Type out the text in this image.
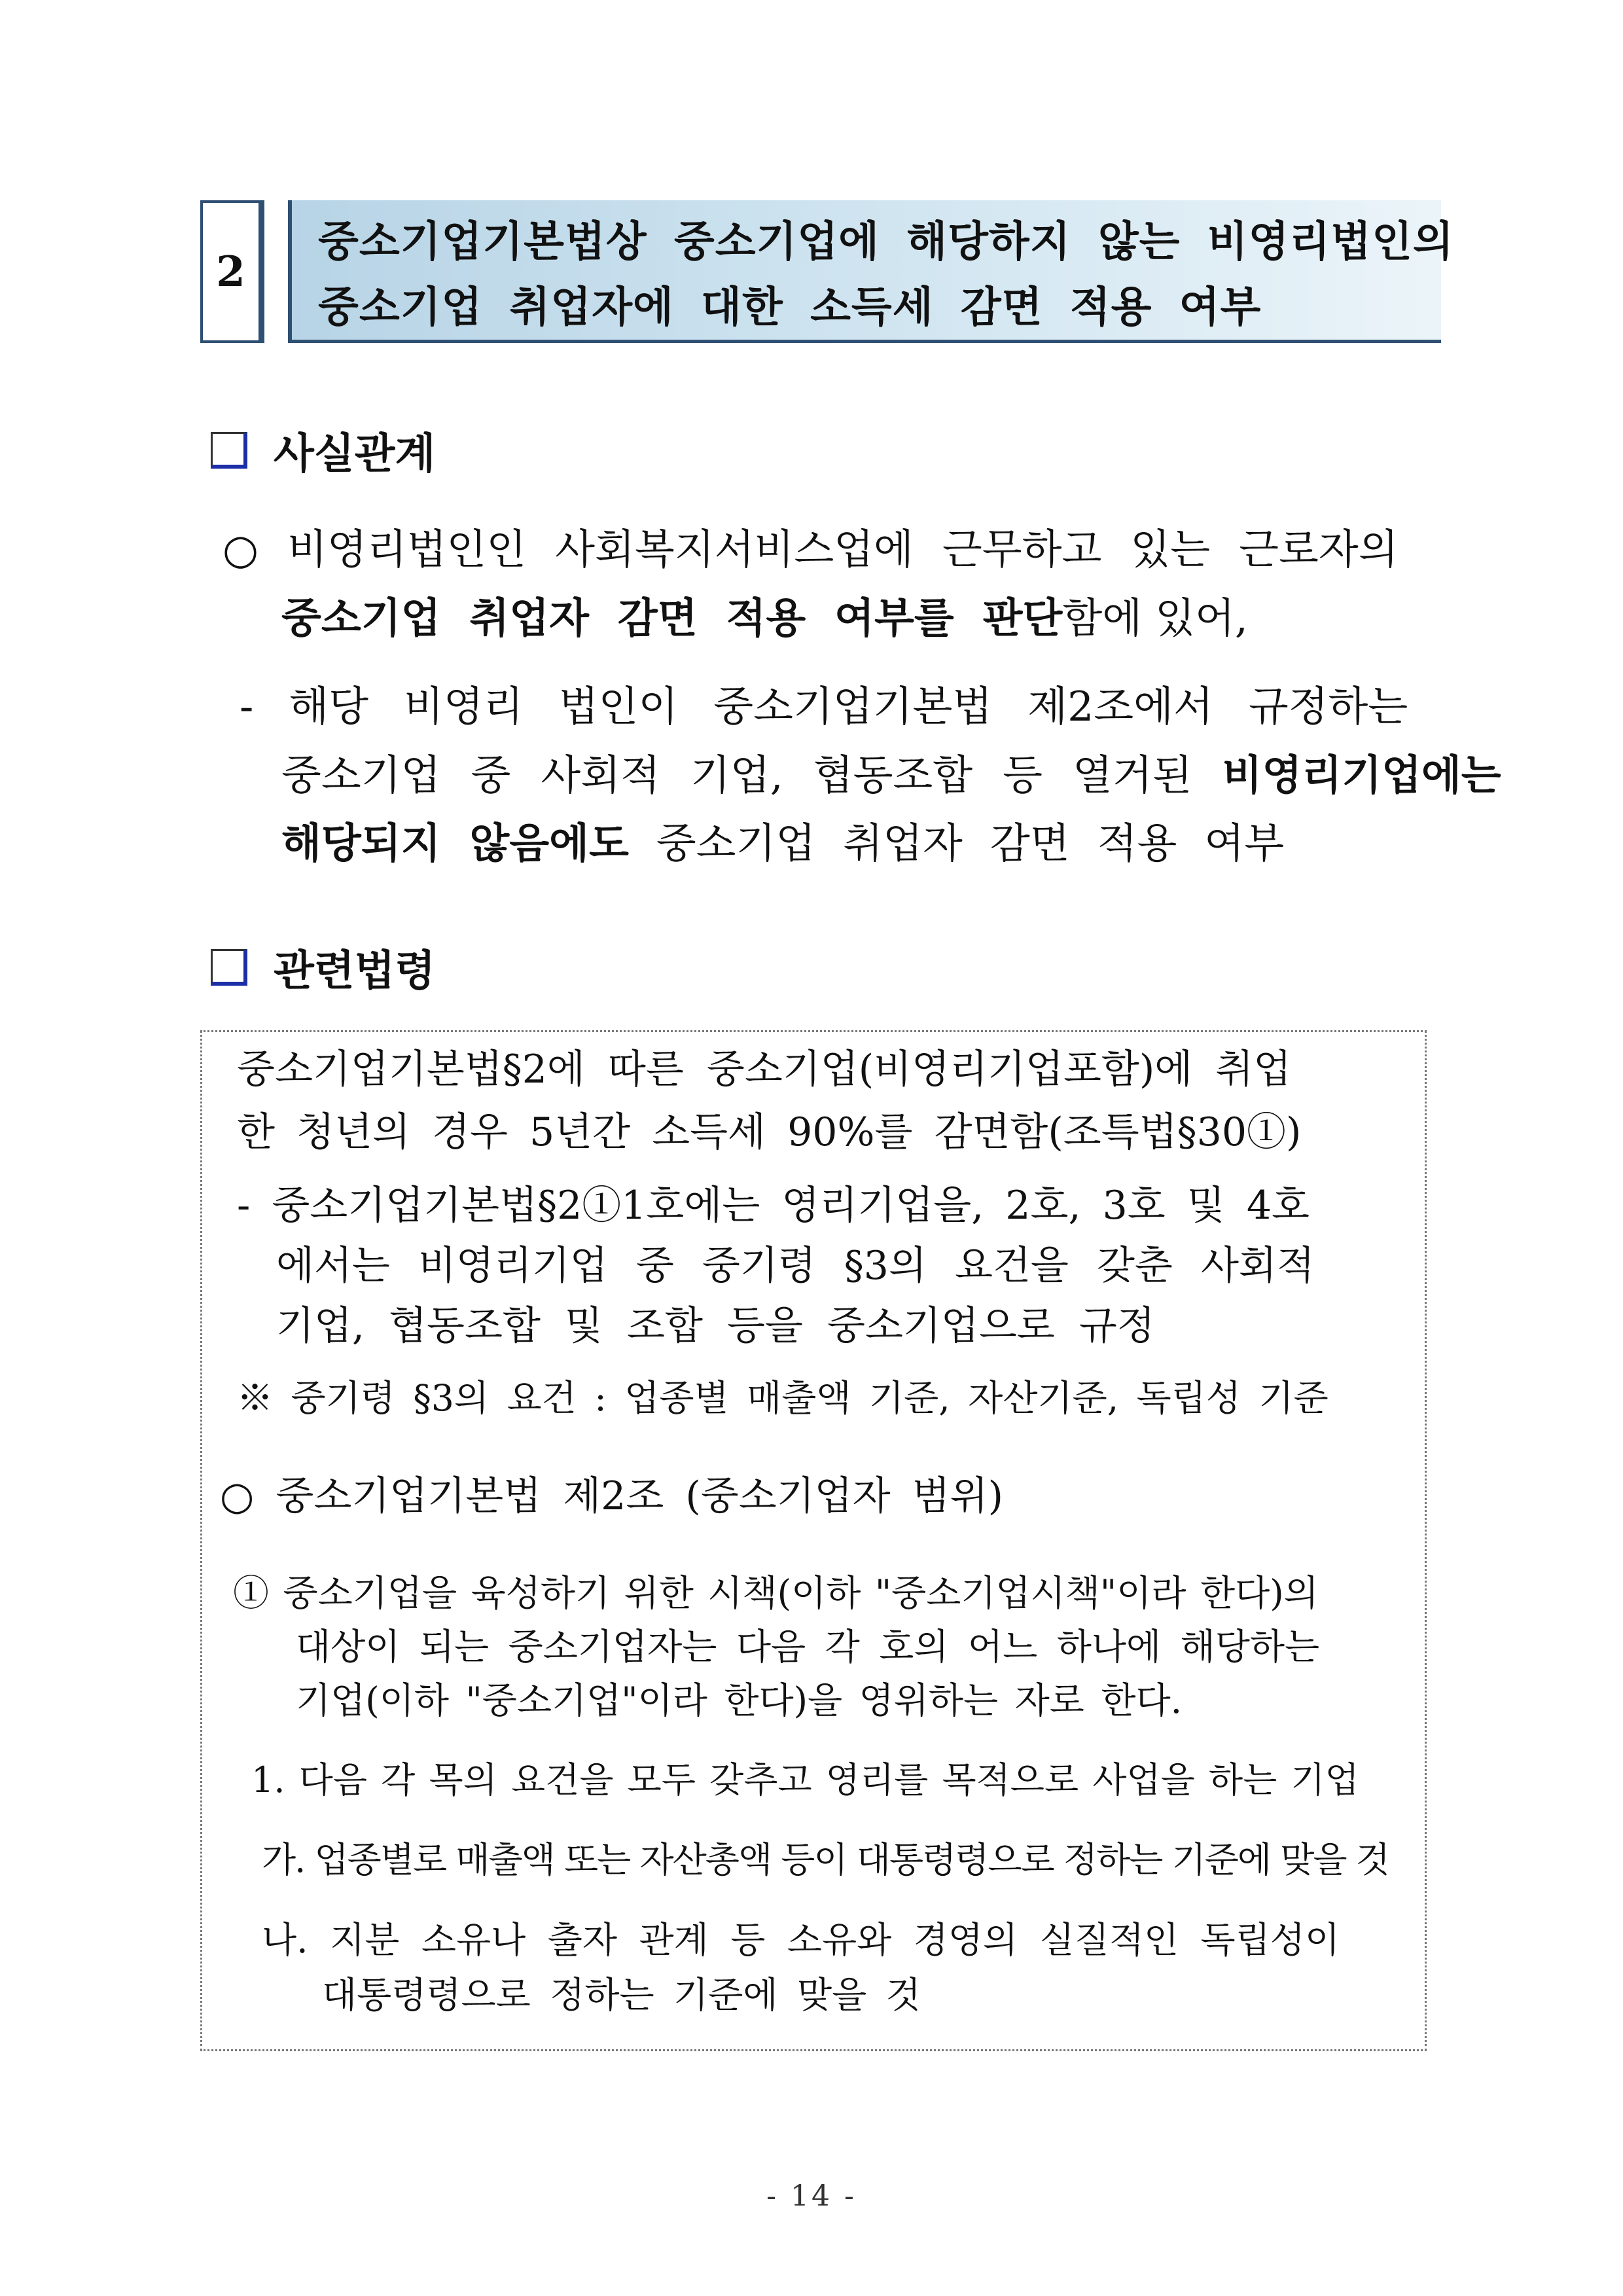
2
중소기업기본법상 중소기업에 해당하지 않는 비영리법인의
중소기업 취업자에 대한 소득세 감면 적용 여부
사실관계
○ 비영리법인인 사회복지서비스업에 근무하고 있는 근로자의
중소기업 취업자 감면 적용 여부를 판단함에 있어,
- 해당 비영리 법인이 중소기업기본법 제2조에서 규정하는
중소기업 중 사회적 기업, 협동조합 등 열거된 비영리기업에는
해당되지 않음에도 중소기업 취업자 감면 적용 여부
관련법령
중소기업기본법§2에 따른 중소기업(비영리기업포함)에 취업
한 청년의 경우 5년간 소득세 90%를 감면함(조특법§30①)
- 중소기업기본법§2①1호에는 영리기업을, 2호, 3호 및 4호
에서는 비영리기업 중 중기령 §3의 요건을 갖춘 사회적
기업, 협동조합 및 조합 등을 중소기업으로 규정
※ 중기령 §3의 요건 : 업종별 매출액 기준, 자산기준, 독립성 기준
○ 중소기업기본법 제2조 (중소기업자 범위)
① 중소기업을 육성하기 위한 시책(이하 "중소기업시책"이라 한다)의
대상이 되는 중소기업자는 다음 각 호의 어느 하나에 해당하는
기업(이하 "중소기업"이라 한다)을 영위하는 자로 한다.
1. 다음 각 목의 요건을 모두 갖추고 영리를 목적으로 사업을 하는 기업
가. 업종별로 매출액 또는 자산총액 등이 대통령령으로 정하는 기준에 맞을 것
나. 지분 소유나 출자 관계 등 소유와 경영의 실질적인 독립성이
대통령령으로 정하는 기준에 맞을 것
- 14 -
